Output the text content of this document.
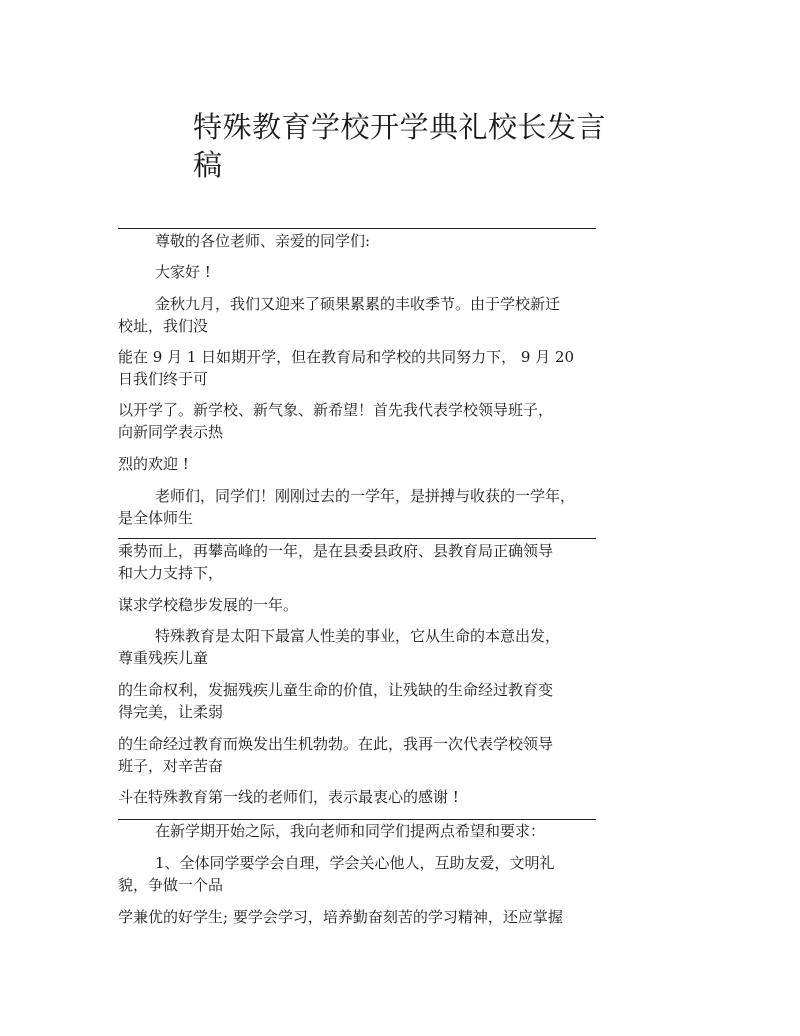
特殊教育学校开学典礼校长发言
稿

尊敬的各位老师、亲爱的同学们:

大家好 !

金秋九月，我们又迎来了硕果累累的丰收季节。由于学校新迁
校址，我们没

能在 9 月 1 日如期开学，但在教育局和学校的共同努力下， 9 月 20
日我们终于可

以开学了。新学校、新气象、新希望！首先我代表学校领导班子，
向新同学表示热

烈的欢迎 !

老师们，同学们！刚刚过去的一学年，是拼搏与收获的一学年，
是全体师生

乘势而上，再攀高峰的一年，是在县委县政府、县教育局正确领导
和大力支持下，

谋求学校稳步发展的一年。

特殊教育是太阳下最富人性美的事业，它从生命的本意出发，
尊重残疾儿童

的生命权利，发掘残疾儿童生命的价值，让残缺的生命经过教育变
得完美，让柔弱

的生命经过教育而焕发出生机勃勃。在此，我再一次代表学校领导
班子，对辛苦奋

斗在特殊教育第一线的老师们，表示最衷心的感谢 !

在新学期开始之际，我向老师和同学们提两点希望和要求：

1、全体同学要学会自理，学会关心他人，互助友爱，文明礼
貌，争做一个品

学兼优的好学生; 要学会学习，培养勤奋刻苦的学习精神，还应掌握
